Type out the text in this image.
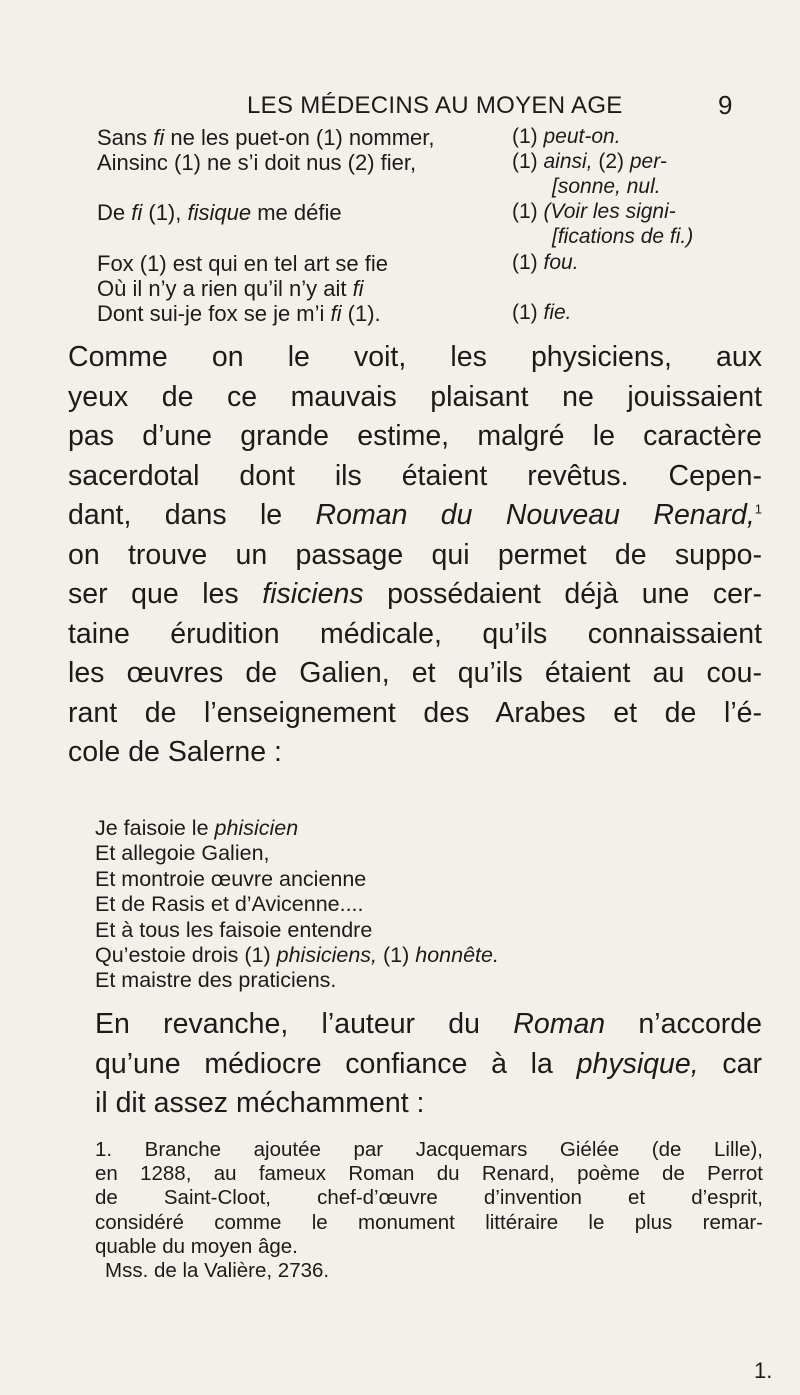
LES MÉDECINS AU MOYEN AGE	9
Sans fi ne les puet-on (1) nommer,
Ainsinc (1) ne s’i doit nus (2) fier,
De fi (1), fisique me défie
Fox (1) est qui en tel art se fie
Où il n’y a rien qu’il n’y ait fi
Dont sui-je fox se je m’i fi (1).
(1) peut-on.
(1) ainsi, (2) per-
[sonne, nul.
(1) (Voir les signi-
[fications de fi.)
(1) fou.
(1) fie.
Comme on le voit, les physiciens, aux
yeux de ce mauvais plaisant ne jouissaient
pas d’une grande estime, malgré le caractère
sacerdotal dont ils étaient revêtus. Cepen-
dant, dans le Roman du Nouveau Renard,$^1$
on trouve un passage qui permet de suppo-
ser que les fisiciens possédaient déjà une cer-
taine érudition médicale, qu’ils connaissaient
les œuvres de Galien, et qu’ils étaient au cou-
rant de l’enseignement des Arabes et de l’é-
cole de Salerne :
Je faisoie le phisicien
Et allegoie Galien,
Et montroie œuvre ancienne
Et de Rasis et d’Avicenne....
Et à tous les faisoie entendre
Qu’estoie drois (1) phisiciens, (1) honnête.
Et maistre des praticiens.
En revanche, l’auteur du Roman n’accorde
qu’une médiocre confiance à la physique, car
il dit assez méchamment :
1. Branche ajoutée par Jacquemars Giélée (de Lille),
en 1288, au fameux Roman du Renard, poème de Perrot
de Saint-Cloot, chef-d’œuvre d’invention et d’esprit,
considéré comme le monument littéraire le plus remar-
quable du moyen âge.
Mss. de la Valière, 2736.
1.
